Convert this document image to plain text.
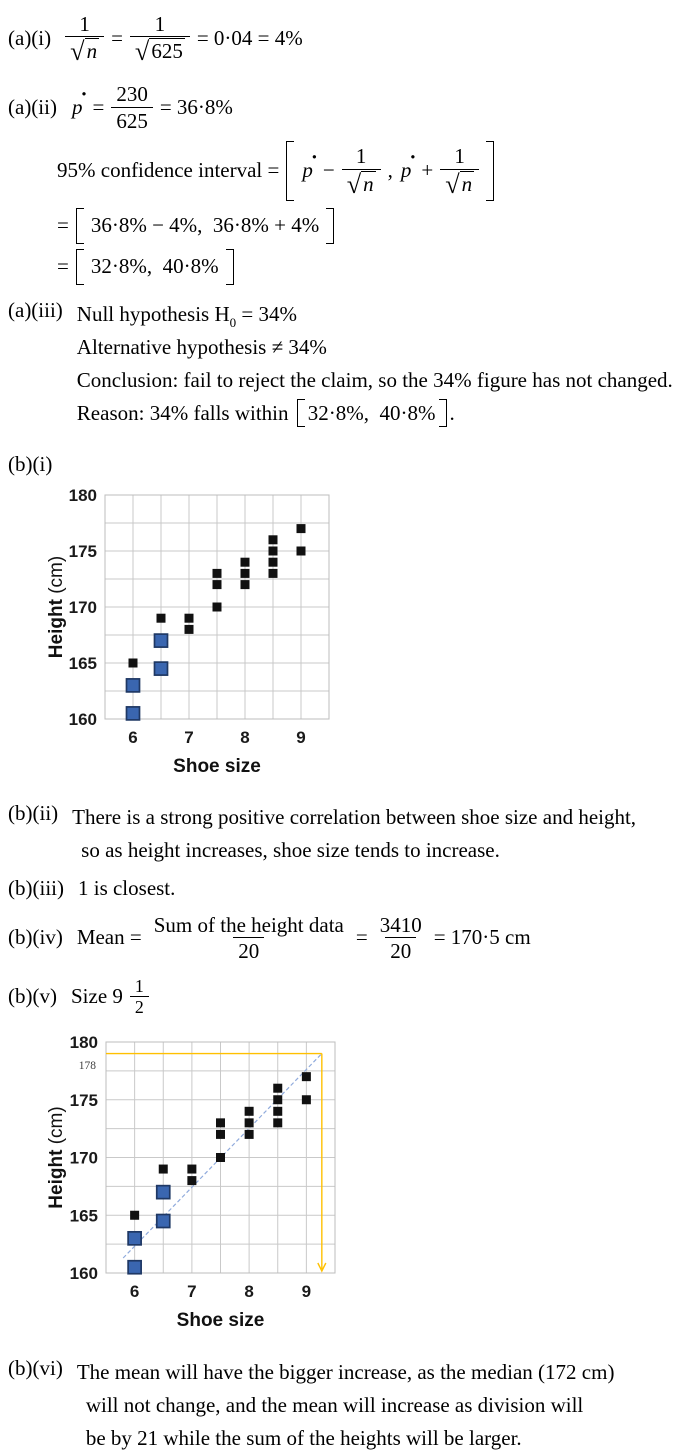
$(a)(i) \frac{1}{√ n} = \frac{1}{√ 625} = 0\cdot 04 = 4\%$
(a)(ii) p
·
= $\frac{230}{625} = 36\cdot 8\%$
95% confidence interval = p
·
− $\frac{1}{√ n}$ , p
·
+ $\frac{1}{√ n}$
= 36·8% − 4%,  36·8% + 4%
= 32·8%,  40·8%
(a)(iii) Null hypothesis $H_0 = 34\%$
Alternative hypothesis ≠ 34%
Conclusion: fail to reject the claim, so the 34% figure has not changed.
Reason: 34% falls within 32·8%,  40·8% .
(b)(i)
160
165
170
175
180
6	7	8	9
Shoe size
Height (cm)
(b)(ii) There is a strong positive correlation between shoe size and height,
so as height increases, shoe size tends to increase.
(b)(iii) 1 is closest.
(b)(iv) Mean = $\frac{\text{Sum of the height data}}{20} = \frac{3410}{20} = 170\cdot 5$ cm
(b)(v) Size $9 \frac{1}{2}$
160
165
170
175
180
6	7	8	9
178
Shoe size
Height (cm)
(b)(vi) The mean will have the bigger increase, as the median (172 cm)
will not change, and the mean will increase as division will
be by 21 while the sum of the heights will be larger.
